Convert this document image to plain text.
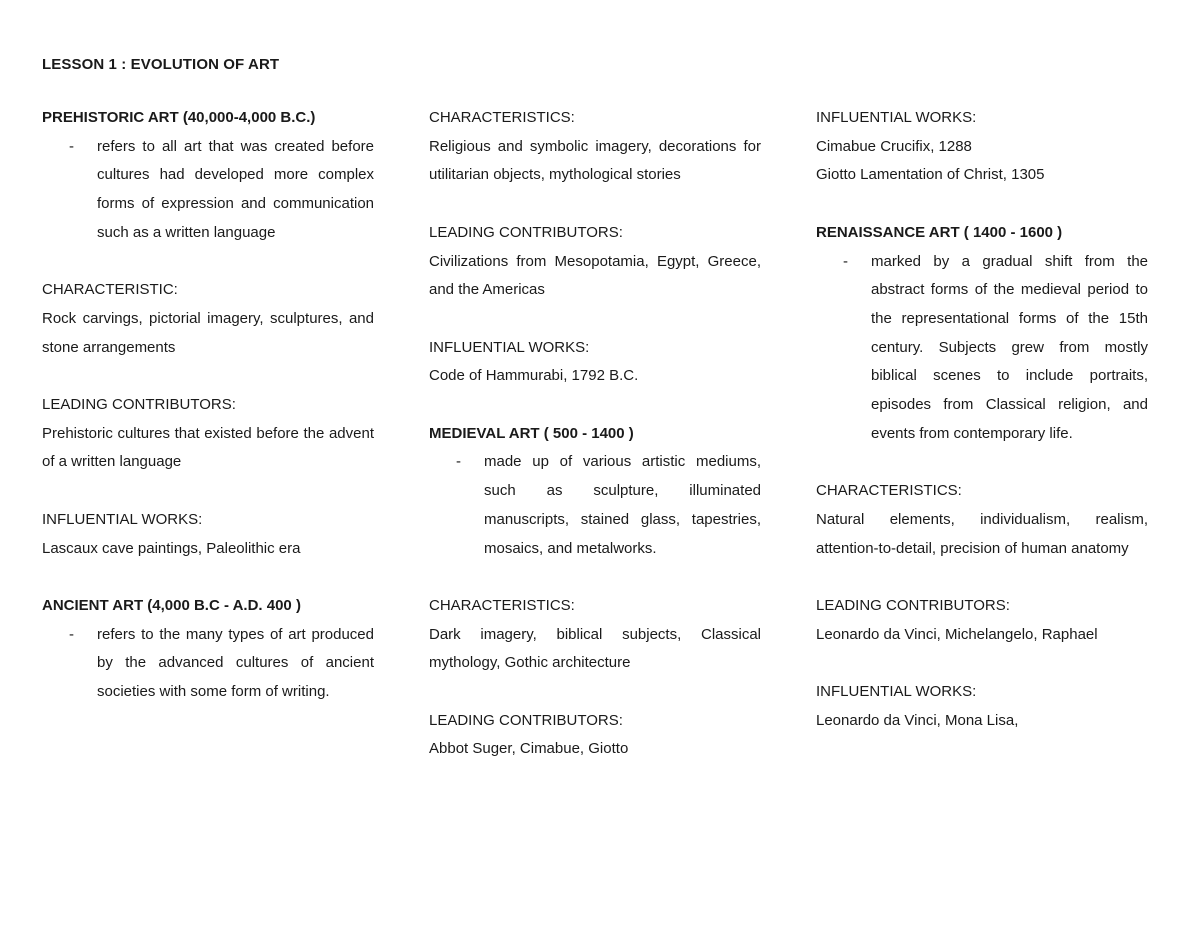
LESSON 1 : EVOLUTION OF ART
PREHISTORIC ART (40,000-4,000 B.C.)
- refers to all art that was created before cultures had developed more complex forms of expression and communication such as a written language
CHARACTERISTIC:
Rock carvings, pictorial imagery, sculptures, and stone arrangements
LEADING CONTRIBUTORS:
Prehistoric cultures that existed before the advent of a written language
INFLUENTIAL WORKS:
Lascaux cave paintings, Paleolithic era
ANCIENT ART (4,000 B.C - A.D. 400 )
- refers to the many types of art produced by the advanced cultures of ancient societies with some form of writing.
CHARACTERISTICS:
Religious and symbolic imagery, decorations for utilitarian objects, mythological stories
LEADING CONTRIBUTORS:
Civilizations from Mesopotamia, Egypt, Greece, and the Americas
INFLUENTIAL WORKS:
Code of Hammurabi, 1792 B.C.
MEDIEVAL ART ( 500 - 1400 )
- made up of various artistic mediums, such as sculpture, illuminated manuscripts, stained glass, tapestries, mosaics, and metalworks.
CHARACTERISTICS:
Dark imagery, biblical subjects, Classical mythology, Gothic architecture
LEADING CONTRIBUTORS:
Abbot Suger, Cimabue, Giotto
INFLUENTIAL WORKS:
Cimabue Crucifix, 1288
Giotto Lamentation of Christ, 1305
RENAISSANCE ART ( 1400 - 1600 )
- marked by a gradual shift from the abstract forms of the medieval period to the representational forms of the 15th century. Subjects grew from mostly biblical scenes to include portraits, episodes from Classical religion, and events from contemporary life.
CHARACTERISTICS:
Natural elements, individualism, realism, attention-to-detail, precision of human anatomy
LEADING CONTRIBUTORS:
Leonardo da Vinci, Michelangelo, Raphael
INFLUENTIAL WORKS:
Leonardo da Vinci, Mona Lisa,
